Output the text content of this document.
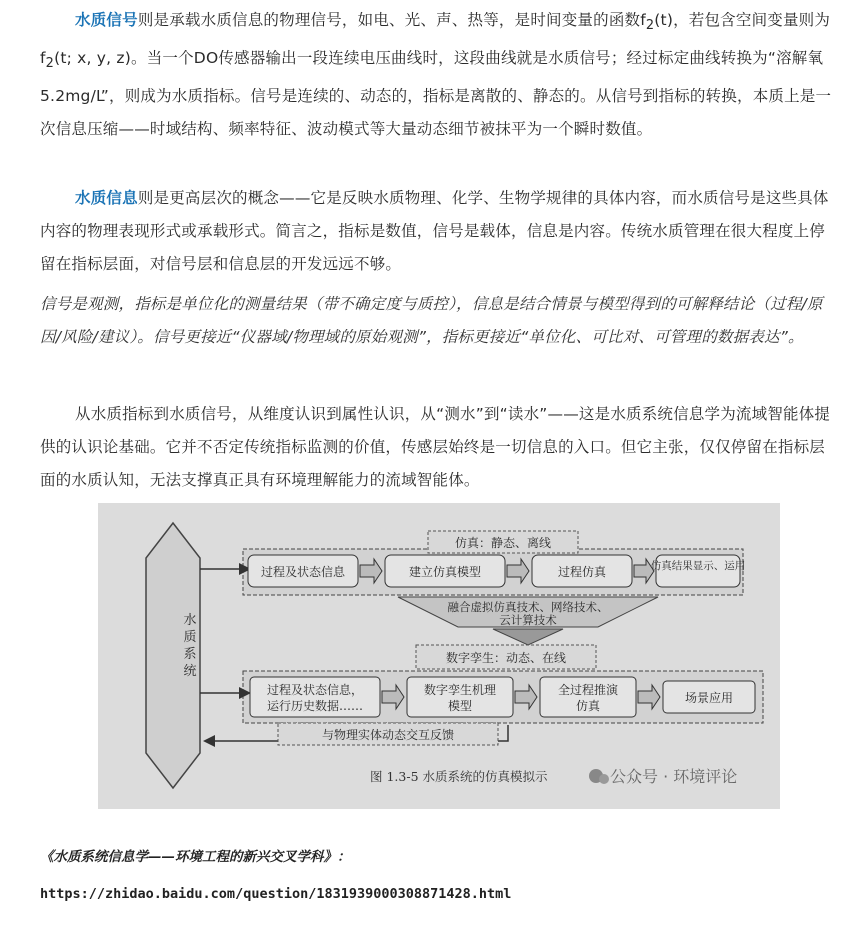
水质信号则是承载水质信息的物理信号，如电、光、声、热等，是时间变量的函数$f_2(t)$，若包含空间变量则为$f_2(t$; x, y, z)。当一个DO传感器输出一段连续电压曲线时，这段曲线就是水质信号；经过标定曲线转换为“溶解氧5.2mg/L”，则成为水质指标。信号是连续的、动态的，指标是离散的、静态的。从信号到指标的转换，本质上是一次信息压缩——时域结构、频率特征、波动模式等大量动态细节被抹平为一个瞬时数值。

水质信息则是更高层次的概念——它是反映水质物理、化学、生物学规律的具体内容，而水质信号是这些具体内容的物理表现形式或承载形式。简言之，指标是数值，信号是载体，信息是内容。传统水质管理在很大程度上停留在指标层面，对信号层和信息层的开发远远不够。

信号是观测，指标是单位化的测量结果（带不确定度与质控），信息是结合情景与模型得到的可解释结论（过程/原因/风险/建议）。信号更接近“仪器域/物理域的原始观测”，指标更接近“单位化、可比对、可管理的数据表达”。

从水质指标到水质信号，从维度认识到属性认识，从“测水”到“读水”——这是水质系统信息学为流域智能体提供的认识论基础。它并不否定传统指标监测的价值，传感层始终是一切信息的入口。但它主张，仅仅停留在指标层面的水质认知，无法支撑真正具有环境理解能力的流域智能体。

水
质
系
统
仿真：静态、离线
过程及状态信息	建立仿真模型	过程仿真	仿真结果显示、运用
融合虚拟仿真技术、网络技术、
云计算技术
数字孪生：动态、在线
过程及状态信息，
运行历史数据……
数字孪生机理
模型
全过程推演
仿真
场景应用
与物理实体动态交互反馈
图 1.3-5 水质系统的仿真模拟示	公众号 · 环境评论
《水质系统信息学——环境工程的新兴交叉学科》：
https://zhidao.baidu.com/question/1831939000308871428.html
